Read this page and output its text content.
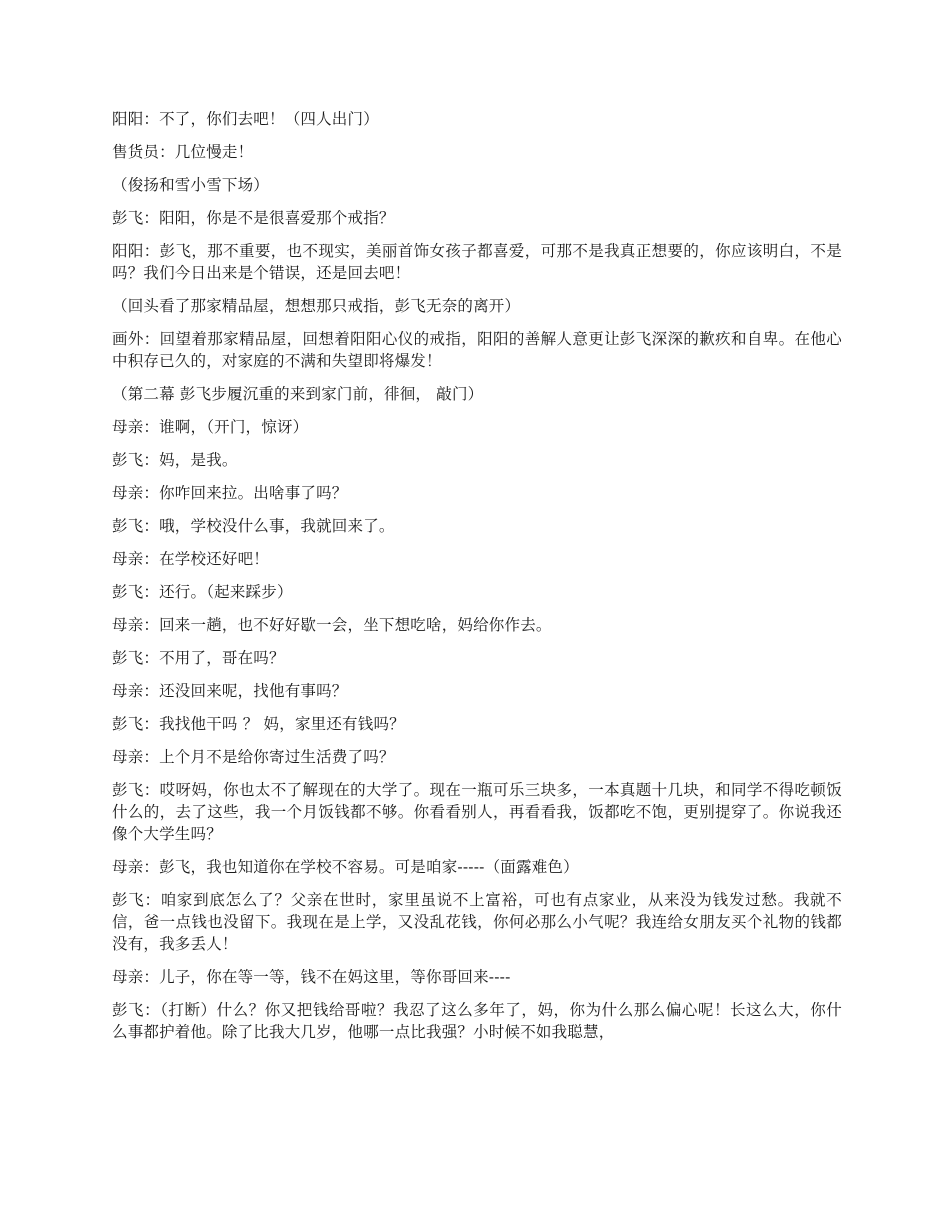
阳阳：不了，你们去吧！（四人出门）

售货员：几位慢走！

（俊扬和雪小雪下场）

彭飞：阳阳，你是不是很喜爱那个戒指？

阳阳：彭飞，那不重要，也不现实，美丽首饰女孩子都喜爱，可那不是我真正想要的，你应该明白，不是吗？我们今日出来是个错误，还是回去吧！

（回头看了那家精品屋，想想那只戒指，彭飞无奈的离开）

画外：回望着那家精品屋，回想着阳阳心仪的戒指，阳阳的善解人意更让彭飞深深的歉疚和自卑。在他心中积存已久的，对家庭的不满和失望即将爆发！

（第二幕 彭飞步履沉重的来到家门前，徘徊， 敲门）

母亲：谁啊，（开门，惊讶）

彭飞：妈，是我。

母亲：你咋回来拉。出啥事了吗？

彭飞：哦，学校没什么事，我就回来了。

母亲：在学校还好吧！

彭飞：还行。（起来踩步）

母亲：回来一趟，也不好好歇一会，坐下想吃啥，妈给你作去。

彭飞：不用了，哥在吗？

母亲：还没回来呢，找他有事吗？

彭飞：我找他干吗 ？ 妈，家里还有钱吗？

母亲：上个月不是给你寄过生活费了吗？

彭飞：哎呀妈，你也太不了解现在的大学了。现在一瓶可乐三块多，一本真题十几块，和同学不得吃顿饭什么的，去了这些，我一个月饭钱都不够。你看看别人，再看看我，饭都吃不饱，更别提穿了。你说我还像个大学生吗？

母亲：彭飞，我也知道你在学校不容易。可是咱家-----（面露难色）

彭飞：咱家到底怎么了？父亲在世时，家里虽说不上富裕，可也有点家业，从来没为钱发过愁。我就不信，爸一点钱也没留下。我现在是上学，又没乱花钱，你何必那么小气呢？我连给女朋友买个礼物的钱都没有，我多丢人！

母亲：儿子，你在等一等，钱不在妈这里，等你哥回来----

彭飞：（打断）什么？你又把钱给哥啦？我忍了这么多年了，妈，你为什么那么偏心呢！长这么大，你什么事都护着他。除了比我大几岁，他哪一点比我强？小时候不如我聪慧，
